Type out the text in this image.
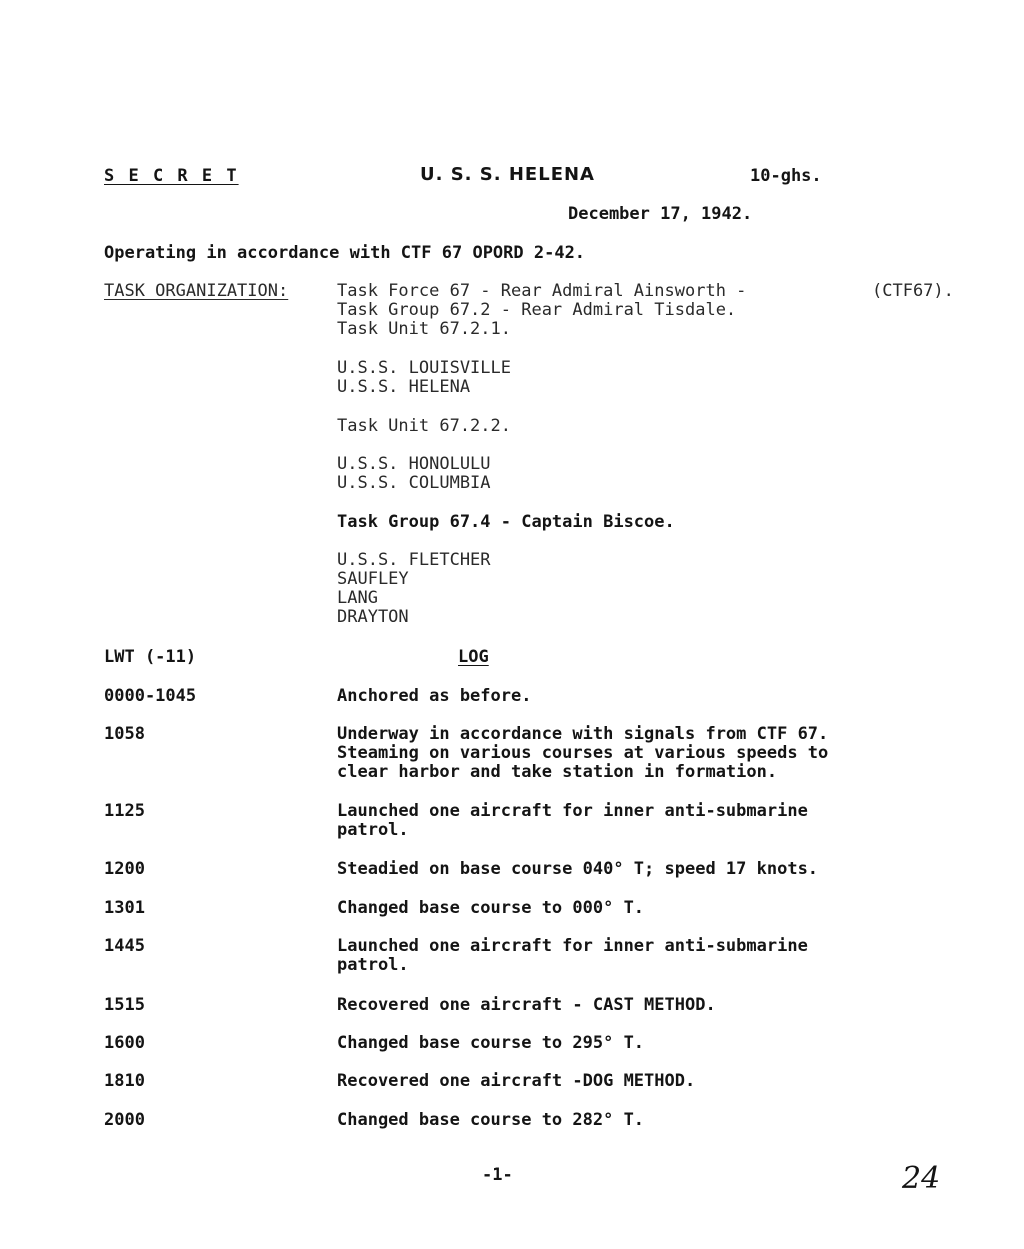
S E C R E T	U. S. S. HELENA	10-ghs.
December 17, 1942.
Operating in accordance with CTF 67 OPORD 2-42.
TASK ORGANIZATION:	Task Force 67 - Rear Admiral Ainsworth -	(CTF67).
Task Group 67.2 - Rear Admiral Tisdale.
Task Unit 67.2.1.
U.S.S. LOUISVILLE
U.S.S. HELENA
Task Unit 67.2.2.
U.S.S. HONOLULU
U.S.S. COLUMBIA
Task Group 67.4 - Captain Biscoe.
U.S.S. FLETCHER
SAUFLEY
LANG
DRAYTON
LWT (-11)	LOG
0000-1045	Anchored as before.
1058	Underway in accordance with signals from CTF 67.
Steaming on various courses at various speeds to
clear harbor and take station in formation.
1125	Launched one aircraft for inner anti-submarine
patrol.
1200	Steadied on base course 040° T; speed 17 knots.
1301	Changed base course to 000° T.
1445	Launched one aircraft for inner anti-submarine
patrol.
1515	Recovered one aircraft - CAST METHOD.
1600	Changed base course to 295° T.
1810	Recovered one aircraft -DOG METHOD.
2000	Changed base course to 282° T.
-1-	24
